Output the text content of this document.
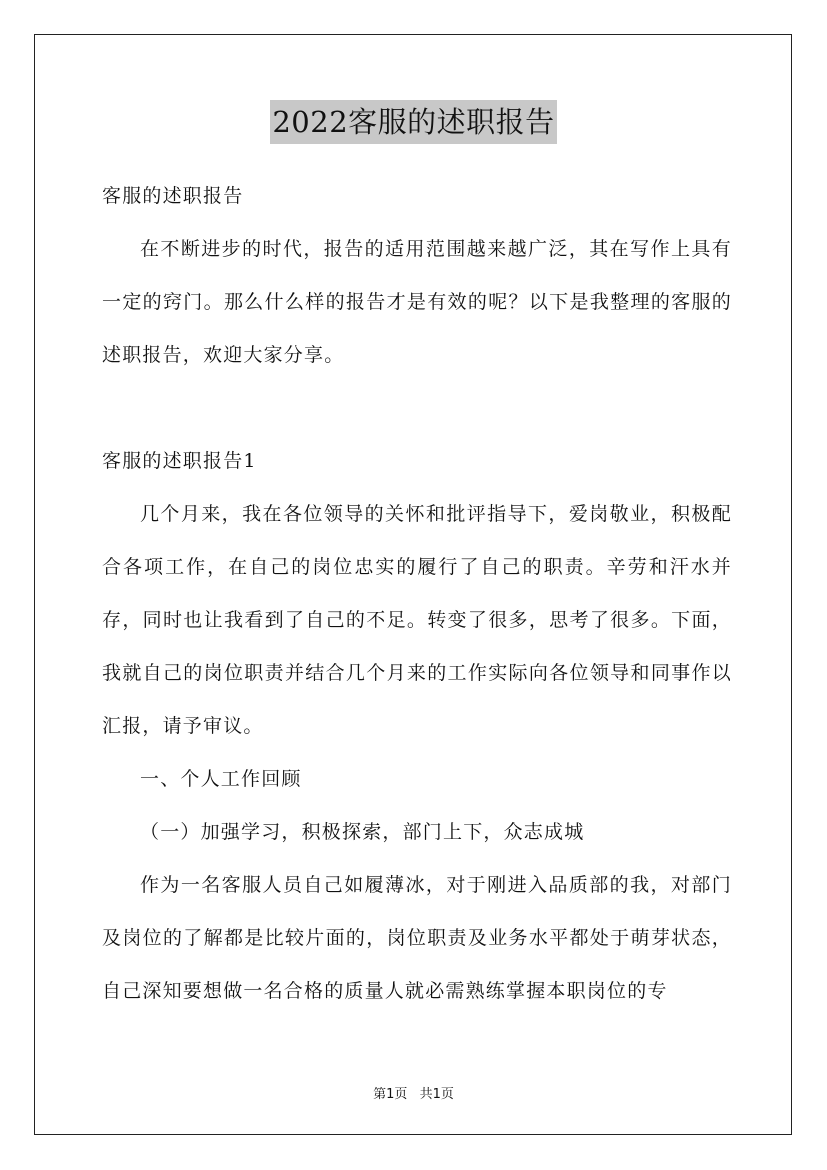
2022客服的述职报告

客服的述职报告

在不断进步的时代，报告的适用范围越来越广泛，其在写作上具有一定的窍门。那么什么样的报告才是有效的呢？以下是我整理的客服的述职报告，欢迎大家分享。

客服的述职报告1

几个月来，我在各位领导的关怀和批评指导下，爱岗敬业，积极配合各项工作，在自己的岗位忠实的履行了自己的职责。辛劳和汗水并存，同时也让我看到了自己的不足。转变了很多，思考了很多。下面，我就自己的岗位职责并结合几个月来的工作实际向各位领导和同事作以汇报，请予审议。

一、个人工作回顾

（一）加强学习，积极探索，部门上下，众志成城

作为一名客服人员自己如履薄冰，对于刚进入品质部的我，对部门及岗位的了解都是比较片面的，岗位职责及业务水平都处于萌芽状态，自己深知要想做一名合格的质量人就必需熟练掌握本职岗位的专

第1页 共1页
